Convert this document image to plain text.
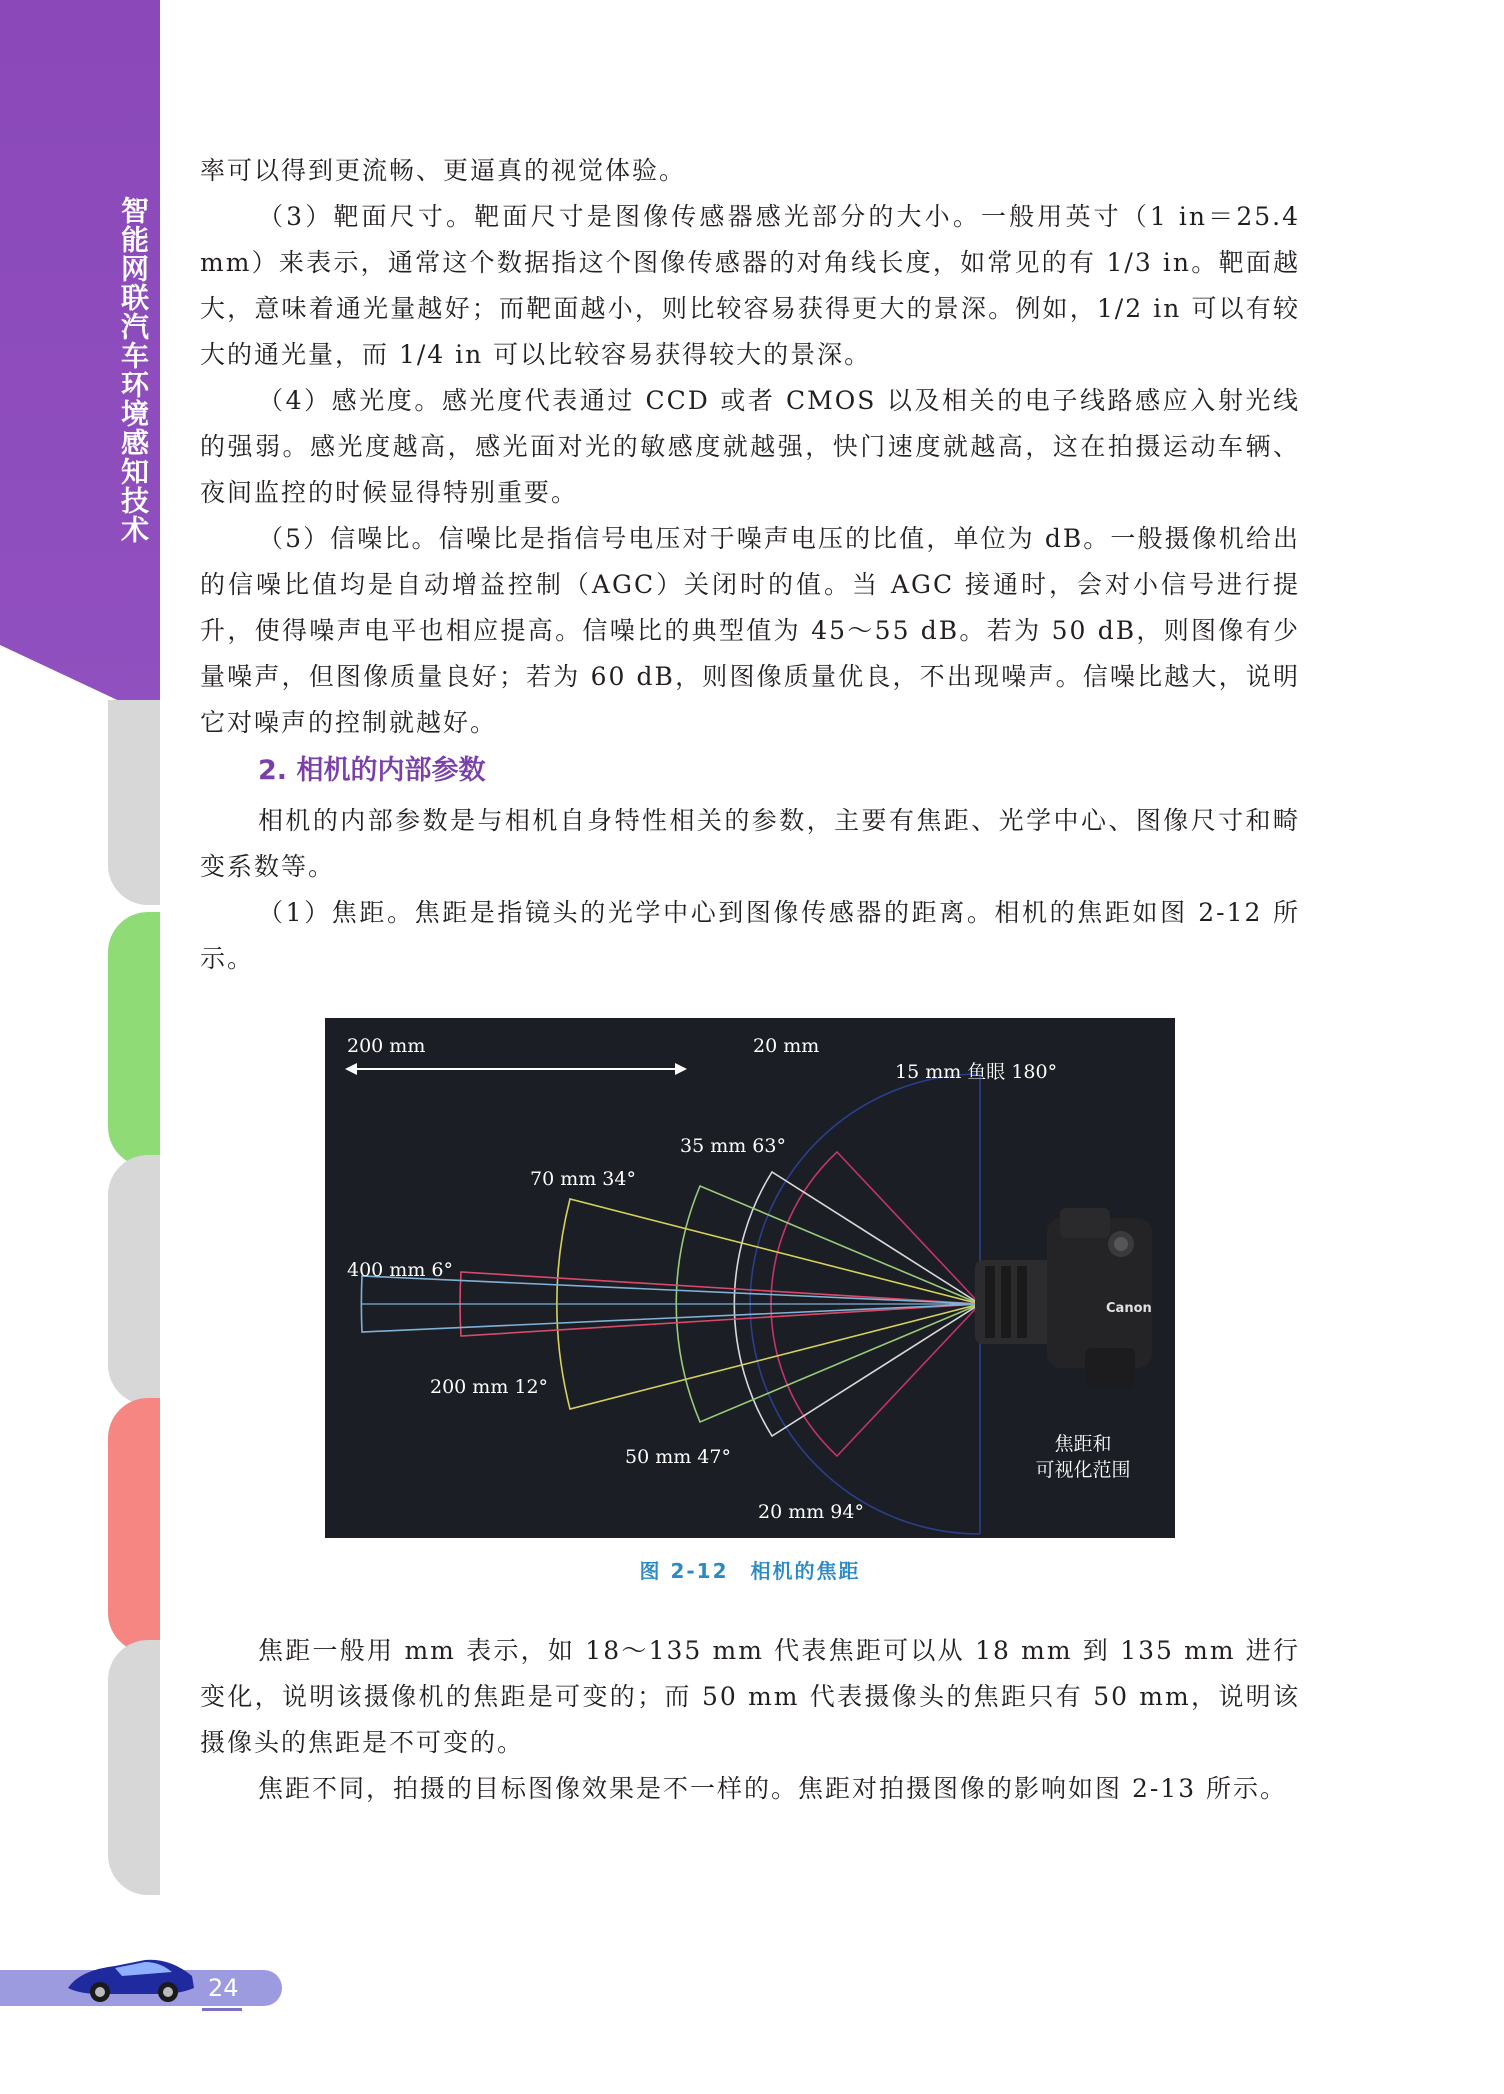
智能网联汽车环境感知技术

率可以得到更流畅、更逼真的视觉体验。

（3）靶面尺寸。靶面尺寸是图像传感器感光部分的大小。一般用英寸（1 in＝25.4 mm）来表示，通常这个数据指这个图像传感器的对角线长度，如常见的有 1/3 in。靶面越大，意味着通光量越好；而靶面越小，则比较容易获得更大的景深。例如，1/2 in 可以有较大的通光量，而 1/4 in 可以比较容易获得较大的景深。

（4）感光度。感光度代表通过 CCD 或者 CMOS 以及相关的电子线路感应入射光线的强弱。感光度越高，感光面对光的敏感度就越强，快门速度就越高，这在拍摄运动车辆、夜间监控的时候显得特别重要。

（5）信噪比。信噪比是指信号电压对于噪声电压的比值，单位为 dB。一般摄像机给出的信噪比值均是自动增益控制（AGC）关闭时的值。当 AGC 接通时，会对小信号进行提升，使得噪声电平也相应提高。信噪比的典型值为 45～55 dB。若为 50 dB，则图像有少量噪声，但图像质量良好；若为 60 dB，则图像质量优良，不出现噪声。信噪比越大，说明它对噪声的控制就越好。

2. 相机的内部参数

相机的内部参数是与相机自身特性相关的参数，主要有焦距、光学中心、图像尺寸和畸变系数等。

（1）焦距。焦距是指镜头的光学中心到图像传感器的距离。相机的焦距如图 2-12 所示。

200 mm	20 mm
15 mm 鱼眼 180°
35 mm 63°
70 mm 34°
400 mm 6°
200 mm 12°
50 mm 47°
20 mm 94°
Canon
焦距和
可视化范围
图 2-12　相机的焦距

焦距一般用 mm 表示，如 18～135 mm 代表焦距可以从 18 mm 到 135 mm 进行变化，说明该摄像机的焦距是可变的；而 50 mm 代表摄像头的焦距只有 50 mm，说明该摄像头的焦距是不可变的。

焦距不同，拍摄的目标图像效果是不一样的。焦距对拍摄图像的影响如图 2-13 所示。

24
